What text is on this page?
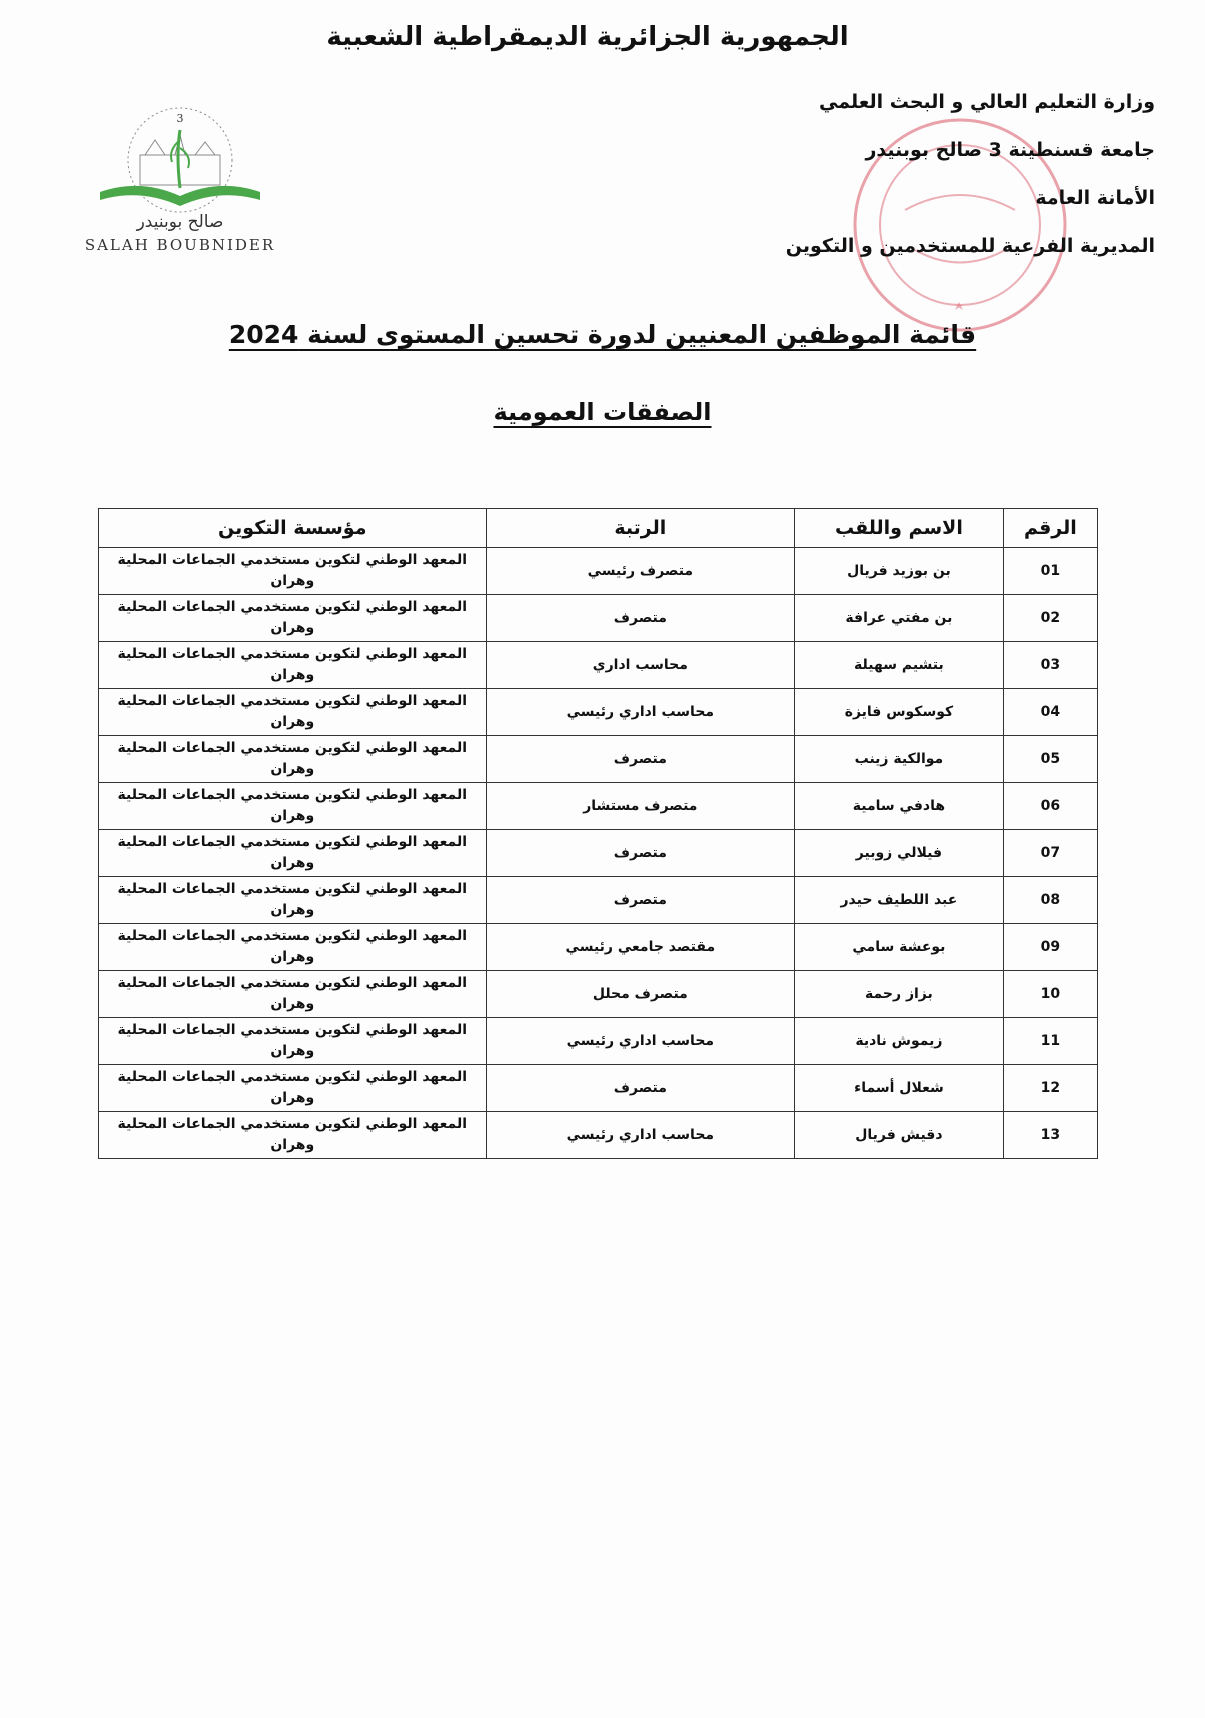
الجمهورية الجزائرية الديمقراطية الشعبية
3
صالح بوبنيدر
SALAH BOUBNIDER
وزارة التعليم العالي و البحث العلمي
جامعة قسنطينة 3 صالح بوبنيدر
الأمانة العامة
المديرية الفرعية للمستخدمين و التكوين
قائمة الموظفين المعنيين لدورة تحسين المستوى لسنة 2024
الصفقات العمومية
الرقم	الاسم واللقب	الرتبة	مؤسسة التكوين
01	بن بوزيد فريال	متصرف رئيسي	المعهد الوطني لتكوين مستخدمي الجماعات المحلية
وهران

02	بن مفتي عرافة	متصرف	المعهد الوطني لتكوين مستخدمي الجماعات المحلية
وهران

03	بتشيم سهيلة	محاسب اداري	المعهد الوطني لتكوين مستخدمي الجماعات المحلية
وهران

04	كوسكوس فايزة	محاسب اداري رئيسي	المعهد الوطني لتكوين مستخدمي الجماعات المحلية
وهران

05	موالكية زينب	متصرف	المعهد الوطني لتكوين مستخدمي الجماعات المحلية
وهران

06	هادفي سامية	متصرف مستشار	المعهد الوطني لتكوين مستخدمي الجماعات المحلية
وهران

07	فيلالي زوبير	متصرف	المعهد الوطني لتكوين مستخدمي الجماعات المحلية
وهران

08	عبد اللطيف حيدر	متصرف	المعهد الوطني لتكوين مستخدمي الجماعات المحلية
وهران

09	بوعشة سامي	مقتصد جامعي رئيسي	المعهد الوطني لتكوين مستخدمي الجماعات المحلية
وهران

10	بزاز رحمة	متصرف محلل	المعهد الوطني لتكوين مستخدمي الجماعات المحلية
وهران

11	زيموش نادية	محاسب اداري رئيسي	المعهد الوطني لتكوين مستخدمي الجماعات المحلية
وهران

12	شعلال أسماء	متصرف	المعهد الوطني لتكوين مستخدمي الجماعات المحلية
وهران

13	دقيش فريال	محاسب اداري رئيسي	المعهد الوطني لتكوين مستخدمي الجماعات المحلية
وهران
